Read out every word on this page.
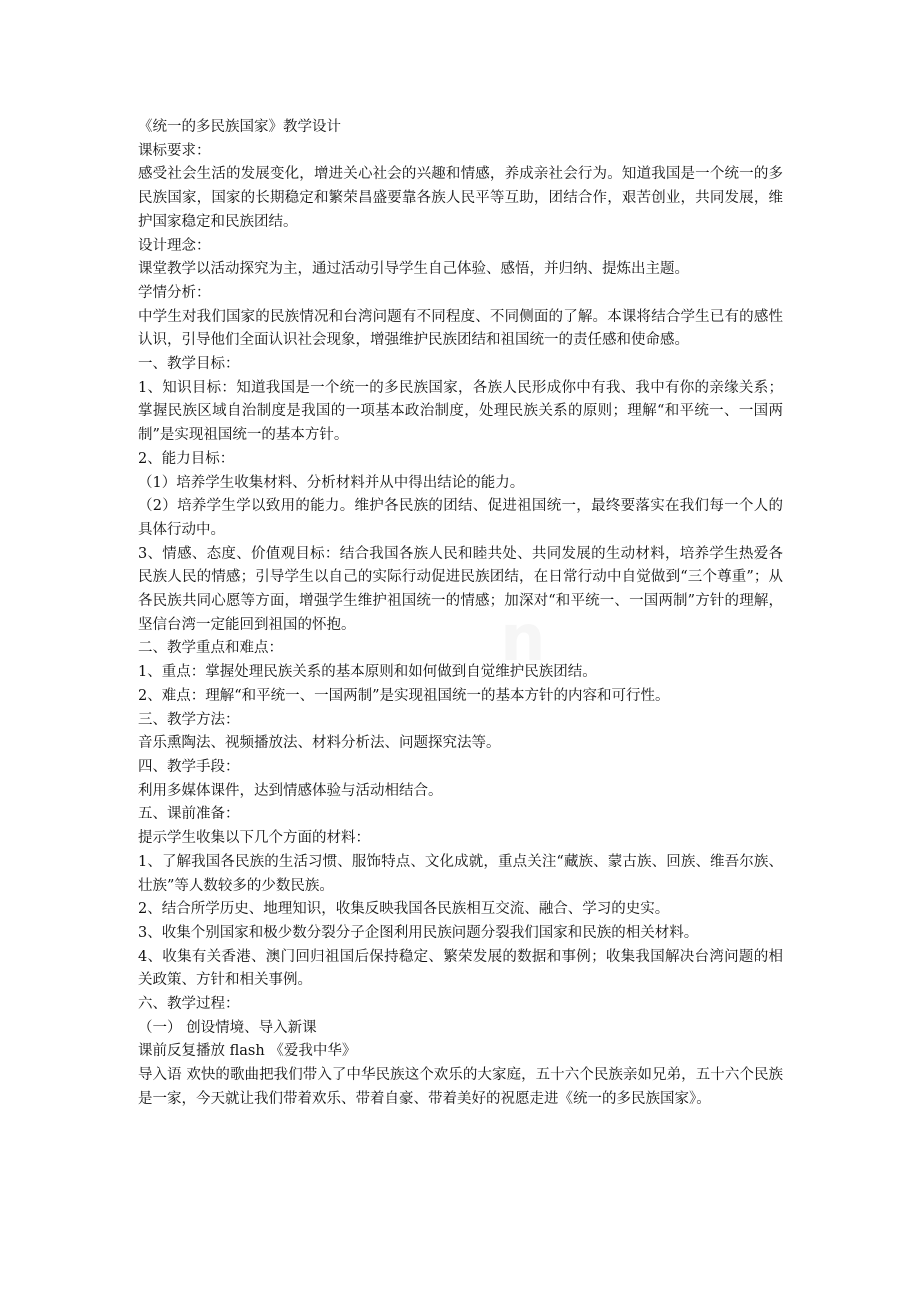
《统一的多民族国家》教学设计

课标要求：

感受社会生活的发展变化，增进关心社会的兴趣和情感，养成亲社会行为。知道我国是一个统一的多民族国家，国家的长期稳定和繁荣昌盛要靠各族人民平等互助，团结合作，艰苦创业，共同发展，维护国家稳定和民族团结。

设计理念：

课堂教学以活动探究为主，通过活动引导学生自己体验、感悟，并归纳、提炼出主题。

学情分析：

中学生对我们国家的民族情况和台湾问题有不同程度、不同侧面的了解。本课将结合学生已有的感性认识，引导他们全面认识社会现象，增强维护民族团结和祖国统一的责任感和使命感。

一、教学目标：

1、知识目标：知道我国是一个统一的多民族国家，各族人民形成你中有我、我中有你的亲缘关系；掌握民族区域自治制度是我国的一项基本政治制度，处理民族关系的原则；理解“和平统一、一国两制”是实现祖国统一的基本方针。

2、能力目标：

（1）培养学生收集材料、分析材料并从中得出结论的能力。

（2）培养学生学以致用的能力。维护各民族的团结、促进祖国统一，最终要落实在我们每一个人的具体行动中。

3、情感、态度、价值观目标：结合我国各族人民和睦共处、共同发展的生动材料，培养学生热爱各民族人民的情感；引导学生以自己的实际行动促进民族团结，在日常行动中自觉做到“三个尊重”；从各民族共同心愿等方面，增强学生维护祖国统一的情感；加深对“和平统一、一国两制”方针的理解，坚信台湾一定能回到祖国的怀抱。

二、教学重点和难点：

1、重点：掌握处理民族关系的基本原则和如何做到自觉维护民族团结。

2、难点：理解“和平统一、一国两制”是实现祖国统一的基本方针的内容和可行性。

三、教学方法：

音乐熏陶法、视频播放法、材料分析法、问题探究法等。

四、教学手段：

利用多媒体课件，达到情感体验与活动相结合。

五、课前准备：

提示学生收集以下几个方面的材料：

1、了解我国各民族的生活习惯、服饰特点、文化成就，重点关注“藏族、蒙古族、回族、维吾尔族、壮族”等人数较多的少数民族。

2、结合所学历史、地理知识，收集反映我国各民族相互交流、融合、学习的史实。

3、收集个别国家和极少数分裂分子企图利用民族问题分裂我们国家和民族的相关材料。

4、收集有关香港、澳门回归祖国后保持稳定、繁荣发展的数据和事例；收集我国解决台湾问题的相关政策、方针和相关事例。

六、教学过程：

（一） 创设情境、导入新课

课前反复播放 flash 《爱我中华》

导入语 欢快的歌曲把我们带入了中华民族这个欢乐的大家庭，五十六个民族亲如兄弟，五十六个民族是一家，今天就让我们带着欢乐、带着自豪、带着美好的祝愿走进《统一的多民族国家》。
